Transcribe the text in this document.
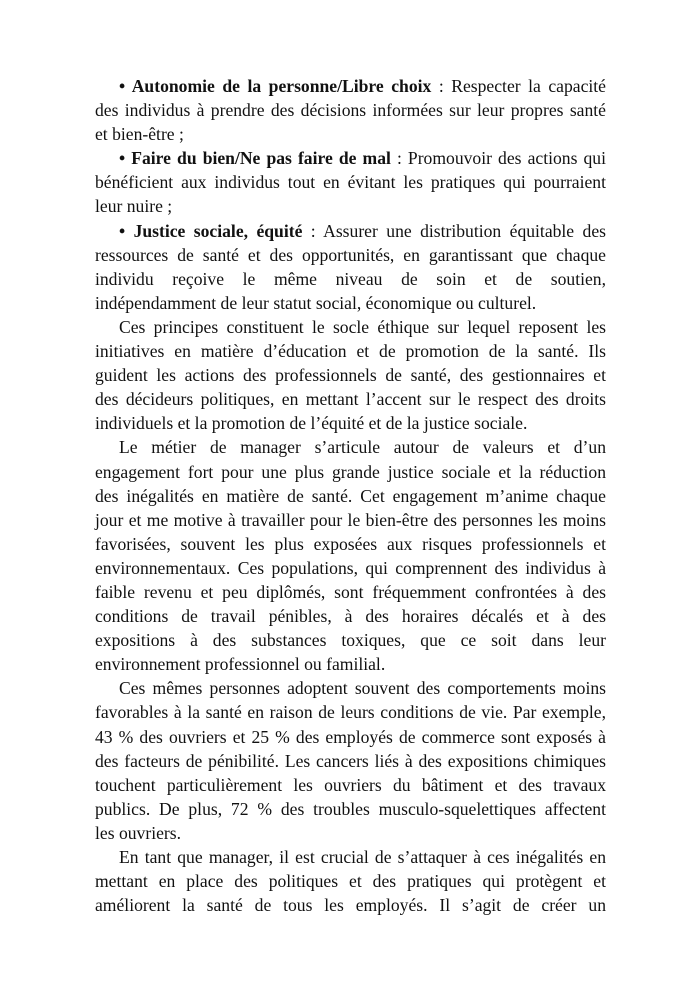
• Autonomie de la personne/Libre choix : Respecter la capacité
des individus à prendre des décisions informées sur leur propres santé
et bien-être ;
• Faire du bien/Ne pas faire de mal : Promouvoir des actions qui
bénéficient aux individus tout en évitant les pratiques qui pourraient
leur nuire ;
• Justice sociale, équité : Assurer une distribution équitable des
ressources de santé et des opportunités, en garantissant que chaque
individu reçoive le même niveau de soin et de soutien,
indépendamment de leur statut social, économique ou culturel.
Ces principes constituent le socle éthique sur lequel reposent les
initiatives en matière d’éducation et de promotion de la santé. Ils
guident les actions des professionnels de santé, des gestionnaires et
des décideurs politiques, en mettant l’accent sur le respect des droits
individuels et la promotion de l’équité et de la justice sociale.
Le métier de manager s’articule autour de valeurs et d’un
engagement fort pour une plus grande justice sociale et la réduction
des inégalités en matière de santé. Cet engagement m’anime chaque
jour et me motive à travailler pour le bien-être des personnes les moins
favorisées, souvent les plus exposées aux risques professionnels et
environnementaux. Ces populations, qui comprennent des individus à
faible revenu et peu diplômés, sont fréquemment confrontées à des
conditions de travail pénibles, à des horaires décalés et à des
expositions à des substances toxiques, que ce soit dans leur
environnement professionnel ou familial.
Ces mêmes personnes adoptent souvent des comportements moins
favorables à la santé en raison de leurs conditions de vie. Par exemple,
43 % des ouvriers et 25 % des employés de commerce sont exposés à
des facteurs de pénibilité. Les cancers liés à des expositions chimiques
touchent particulièrement les ouvriers du bâtiment et des travaux
publics. De plus, 72 % des troubles musculo-squelettiques affectent
les ouvriers.
En tant que manager, il est crucial de s’attaquer à ces inégalités en
mettant en place des politiques et des pratiques qui protègent et
améliorent la santé de tous les employés. Il s’agit de créer un
